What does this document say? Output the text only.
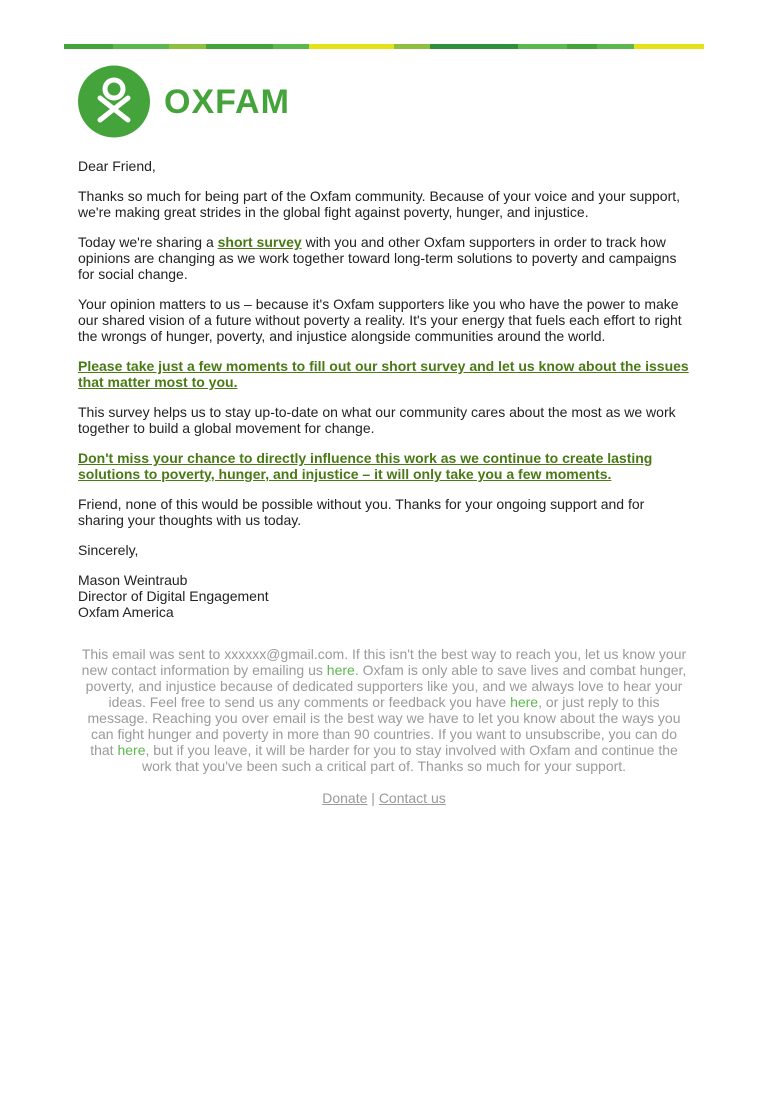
OXFAM

Dear Friend,

Thanks so much for being part of the Oxfam community. Because of your voice and your support, we're making great strides in the global fight against poverty, hunger, and injustice.

Today we're sharing a short survey with you and other Oxfam supporters in order to track how opinions are changing as we work together toward long-term solutions to poverty and campaigns for social change.

Your opinion matters to us – because it's Oxfam supporters like you who have the power to make our shared vision of a future without poverty a reality. It's your energy that fuels each effort to right the wrongs of hunger, poverty, and injustice alongside communities around the world.

Please take just a few moments to fill out our short survey and let us know about the issues that matter most to you.

This survey helps us to stay up-to-date on what our community cares about the most as we work together to build a global movement for change.

Don't miss your chance to directly influence this work as we continue to create lasting solutions to poverty, hunger, and injustice – it will only take you a few moments.

Friend, none of this would be possible without you. Thanks for your ongoing support and for sharing your thoughts with us today.

Sincerely,

Mason Weintraub

Director of Digital Engagement

Oxfam America

This email was sent to xxxxxx@gmail.com. If this isn't the best way to reach you, let us know your new contact information by emailing us here. Oxfam is only able to save lives and combat hunger, poverty, and injustice because of dedicated supporters like you, and we always love to hear your ideas. Feel free to send us any comments or feedback you have here, or just reply to this message. Reaching you over email is the best way we have to let you know about the ways you can fight hunger and poverty in more than 90 countries. If you want to unsubscribe, you can do that here, but if you leave, it will be harder for you to stay involved with Oxfam and continue the work that you've been such a critical part of. Thanks so much for your support.
Donate | Contact us
